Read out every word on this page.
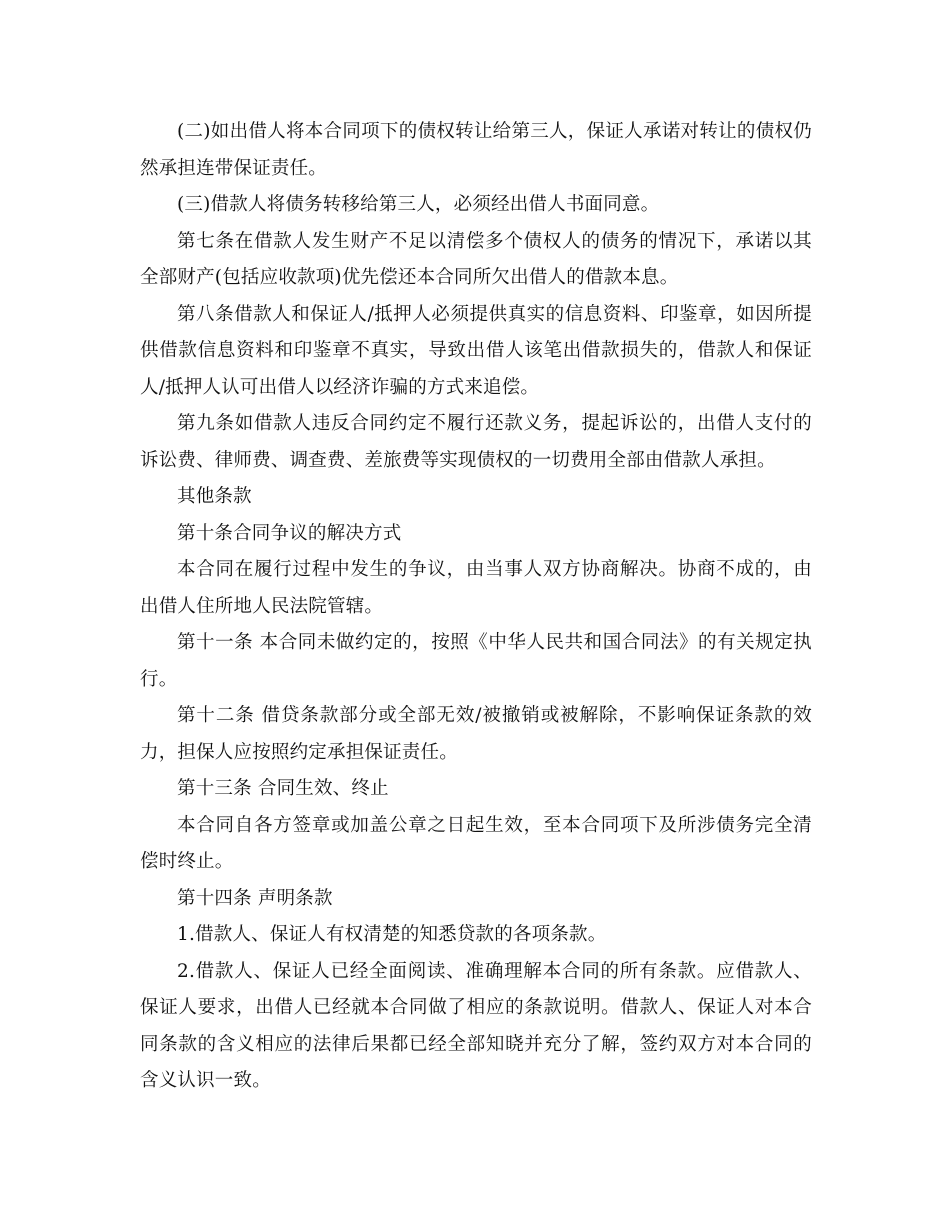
(二)如出借人将本合同项下的债权转让给第三人，保证人承诺对转让的债权仍然承担连带保证责任。

(三)借款人将债务转移给第三人，必须经出借人书面同意。

第七条在借款人发生财产不足以清偿多个债权人的债务的情况下，承诺以其全部财产(包括应收款项)优先偿还本合同所欠出借人的借款本息。

第八条借款人和保证人/抵押人必须提供真实的信息资料、印鉴章，如因所提供借款信息资料和印鉴章不真实，导致出借人该笔出借款损失的，借款人和保证人/抵押人认可出借人以经济诈骗的方式来追偿。

第九条如借款人违反合同约定不履行还款义务，提起诉讼的，出借人支付的诉讼费、律师费、调查费、差旅费等实现债权的一切费用全部由借款人承担。

其他条款

第十条合同争议的解决方式

本合同在履行过程中发生的争议，由当事人双方协商解决。协商不成的，由出借人住所地人民法院管辖。

第十一条 本合同未做约定的，按照《中华人民共和国合同法》的有关规定执行。

第十二条 借贷条款部分或全部无效/被撤销或被解除，不影响保证条款的效力，担保人应按照约定承担保证责任。

第十三条 合同生效、终止

本合同自各方签章或加盖公章之日起生效，至本合同项下及所涉债务完全清偿时终止。

第十四条 声明条款

1.借款人、保证人有权清楚的知悉贷款的各项条款。

2.借款人、保证人已经全面阅读、准确理解本合同的所有条款。应借款人、保证人要求，出借人已经就本合同做了相应的条款说明。借款人、保证人对本合同条款的含义相应的法律后果都已经全部知晓并充分了解，签约双方对本合同的含义认识一致。
